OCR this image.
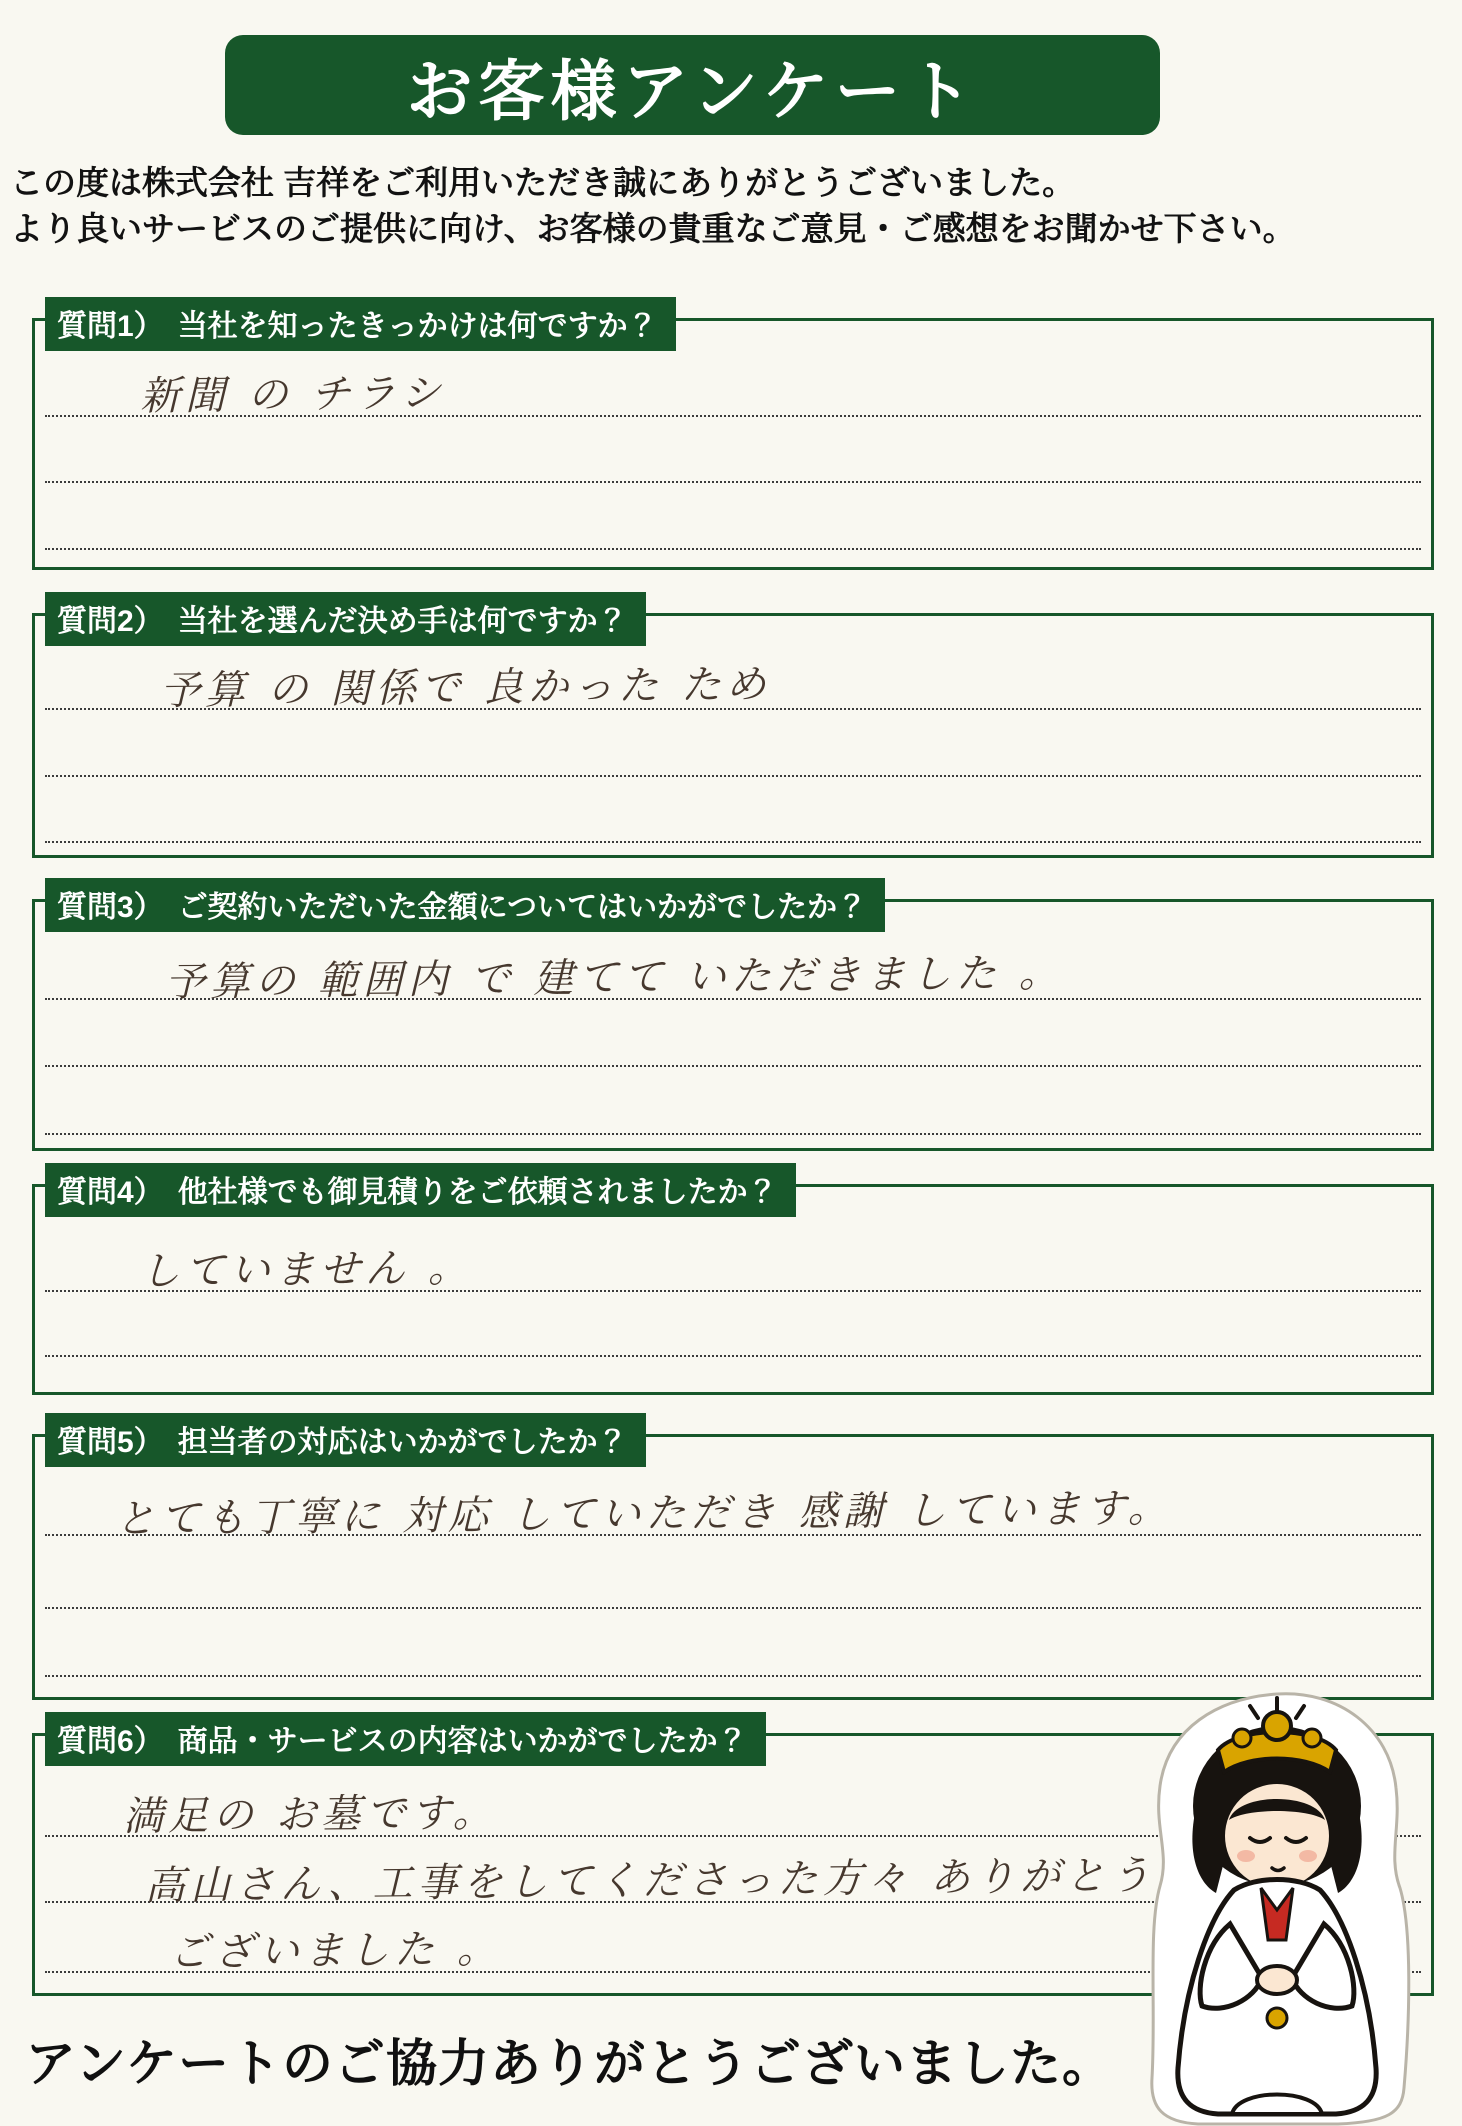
お客様アンケート
この度は株式会社 吉祥をご利用いただき誠にありがとうございました。
より良いサービスのご提供に向け、お客様の貴重なご意見・ご感想をお聞かせ下さい。
質問1） 当社を知ったきっかけは何ですか？
新聞 の チラシ
質問2） 当社を選んだ決め手は何ですか？
予算 の 関係で 良かった ため
質問3） ご契約いただいた金額についてはいかがでしたか？
予算の 範囲内 で 建てて いただきました 。
質問4） 他社様でも御見積りをご依頼されましたか？
していません 。
質問5） 担当者の対応はいかがでしたか？
とても丁寧に 対応 していただき 感謝 しています。
質問6） 商品・サービスの内容はいかがでしたか？
満足の お墓です。
高山さん、工事をしてくださった方々 ありがとう
ございました 。
アンケートのご協力ありがとうございました。
